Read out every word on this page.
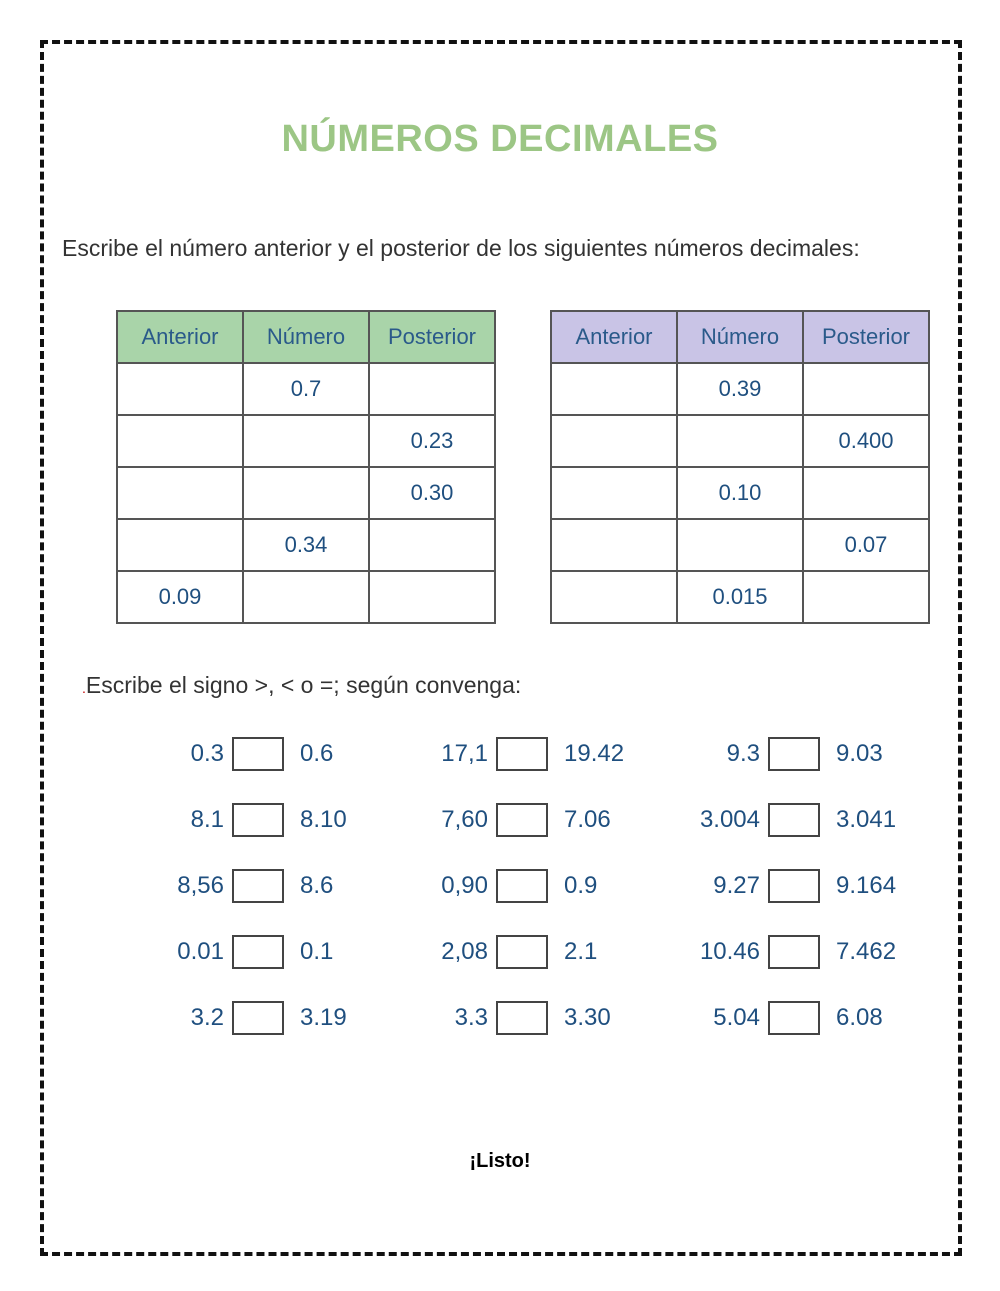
NÚMEROS DECIMALES
Escribe el número anterior y el posterior de los siguientes números decimales:
Anterior	Número	Posterior
	0.7	
		0.23
		0.30
	0.34	
0.09		
Anterior	Número	Posterior
	0.39	
		0.400
	0.10	
		0.07
	0.015	
.Escribe el signo >, < o =; según convenga:
0.3	0.6	17,1	19.42	9.3	9.03
8.1	8.10	7,60	7.06	3.004	3.041
8,56	8.6	0,90	0.9	9.27	9.164
0.01	0.1	2,08	2.1	10.46	7.462
3.2	3.19	3.3	3.30	5.04	6.08
¡Listo!
